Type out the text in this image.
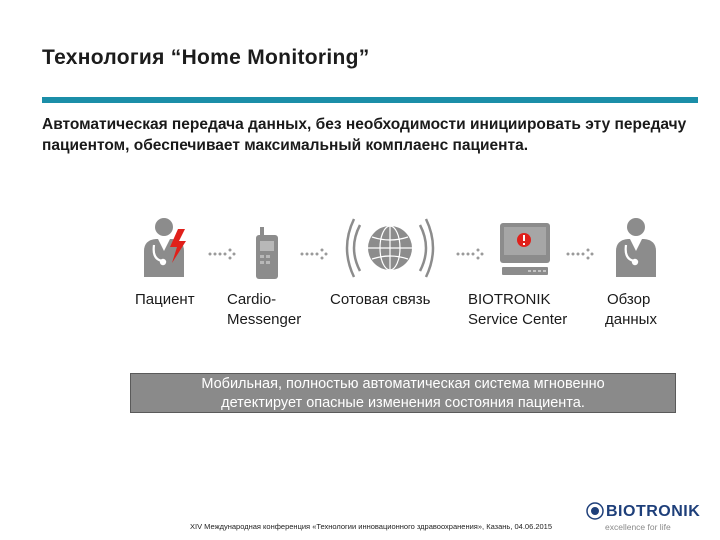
Технология “Home Monitoring”
Автоматическая передача данных, без необходимости инициировать эту передачу пациентом, обеспечивает максимальный комплаенс пациента.
Пациент Cardio-
Messenger
Сотовая связь	BIOTRONIK
Service Center
Обзор
данных
Мобильная, полностью автоматическая система мгновенно
детектирует опасные изменения состояния пациента.
XIV Международная конференция «Технологии инновационного здравоохранения», Казань, 04.06.2015
BIOTRONIK
excellence for life
